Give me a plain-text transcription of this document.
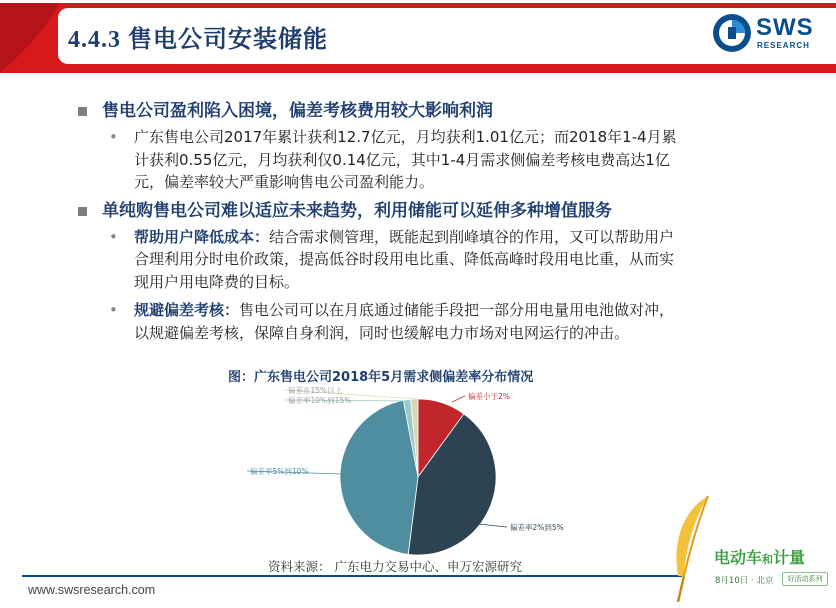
4.4.3 售电公司安装储能	SWS
RESEARCH
售电公司盈利陷入困境，偏差考核费用较大影响利润
• 广东售电公司2017年累计获利12.7亿元，月均获利1.01亿元；而2018年1-4月累
计获利0.55亿元，月均获利仅0.14亿元，其中1-4月需求侧偏差考核电费高达1亿
元，偏差率较大严重影响售电公司盈利能力。
单纯购售电公司难以适应未来趋势，利用储能可以延伸多种增值服务
• 帮助用户降低成本：结合需求侧管理，既能起到削峰填谷的作用，又可以帮助用户
合理利用分时电价政策，提高低谷时段用电比重、降低高峰时段用电比重，从而实
现用户用电降费的目标。
• 规避偏差考核：售电公司可以在月底通过储能手段把一部分用电量用电池做对冲，
以规避偏差考核，保障自身利润，同时也缓解电力市场对电网运行的冲击。
图：广东售电公司2018年5月需求侧偏差率分布情况
偏差小于2%
偏差率2%到5%
偏差率5%到10%
偏差率10%到15%
偏差在15%以上
资料来源： 广东电力交易中心、申万宏源研究
www.swsresearch.com
电动车和计量
8月10日 · 北京	好活动系列
